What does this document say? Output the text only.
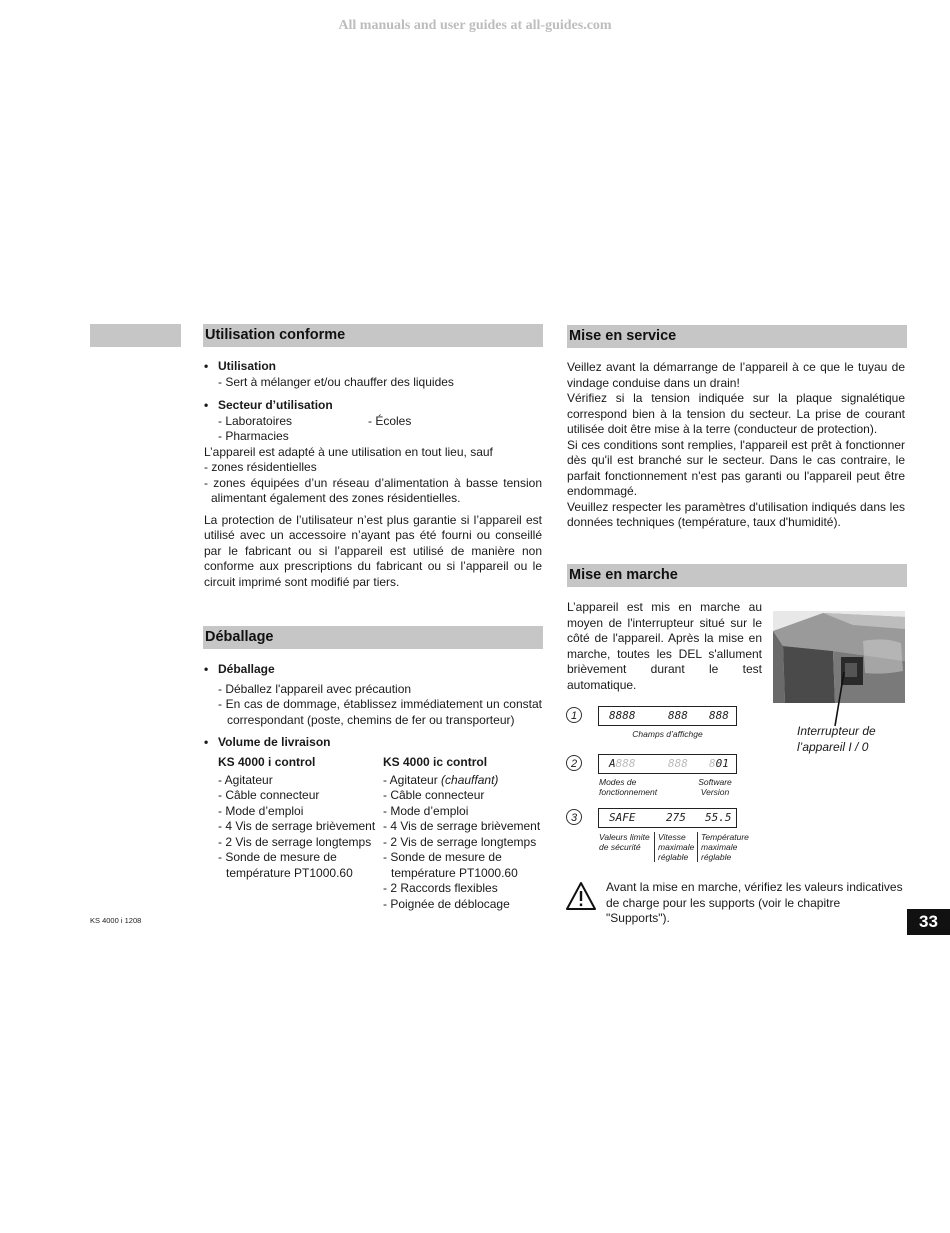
All manuals and user guides at all-guides.com
Utilisation conforme
• Utilisation
- Sert à mélanger et/ou chauffer des liquides
• Secteur d’utilisation
- Laboratoires	- Écoles
- Pharmacies
L’appareil est adapté à une utilisation en tout lieu, sauf
- zones résidentielles
- zones équipées d’un réseau d’alimentation à basse tension
alimentant également des zones résidentielles.
La protection de l’utilisateur n’est plus garantie si l’appareil est utilisé avec un accessoire n’ayant pas été fourni ou conseillé par le fabricant ou si l’appareil est utilisé de manière non conforme aux prescriptions du fabricant ou si l’appareil ou le circuit imprimé sont modifié par tiers.
Déballage
• Déballage
- Déballez l'appareil avec précaution
- En cas de dommage, établissez immédiatement un constat
correspondant (poste, chemins de fer ou transporteur)
• Volume de livraison
KS 4000 i control
- Agitateur
- Câble connecteur
- Mode d’emploi
- 4 Vis de serrage brièvement
- 2 Vis de serrage longtemps
- Sonde de mesure de
température PT1000.60
KS 4000 ic control
- Agitateur (chauffant)
- Câble connecteur
- Mode d’emploi
- 4 Vis de serrage brièvement
- 2 Vis de serrage longtemps
- Sonde de mesure de
température PT1000.60
- 2 Raccords flexibles
- Poignée de déblocage
Mise en service
Veillez avant la démarrange de l’appareil à ce que le tuyau de vindage conduise dans un drain!
Vérifiez si la tension indiquée sur la plaque signalétique correspond bien à la tension du secteur. La prise de courant utilisée doit être mise à la terre (conducteur de protection).
Si ces conditions sont remplies, l'appareil est prêt à fonctionner dès qu'il est branché sur le secteur. Dans le cas contraire, le parfait fonctionnement n'est pas garanti ou l'appareil peut être endommagé.
Veuillez respecter les paramètres d'utilisation indiqués dans les données techniques (température, taux d'humidité).
Mise en marche
L’appareil est mis en marche au moyen de l'interrupteur situé sur le côté de l'appareil. Après la mise en marche, toutes les DEL s'allument brièvement durant le test automatique.
Interrupteur de
l’appareil I / 0
1	8888	888 888
Champs d’affichge
2	A888	888 801
Modes de
fonctionnement
Software
Version
3	SAFE	275 55.5
Valeurs limite
de sécurité
Vitesse
maximale
réglable
Température
maximale
réglable
Avant la mise en marche, vérifiez les valeurs indicatives de charge pour les supports (voir le chapitre "Supports").
KS 4000 i 1208	33
